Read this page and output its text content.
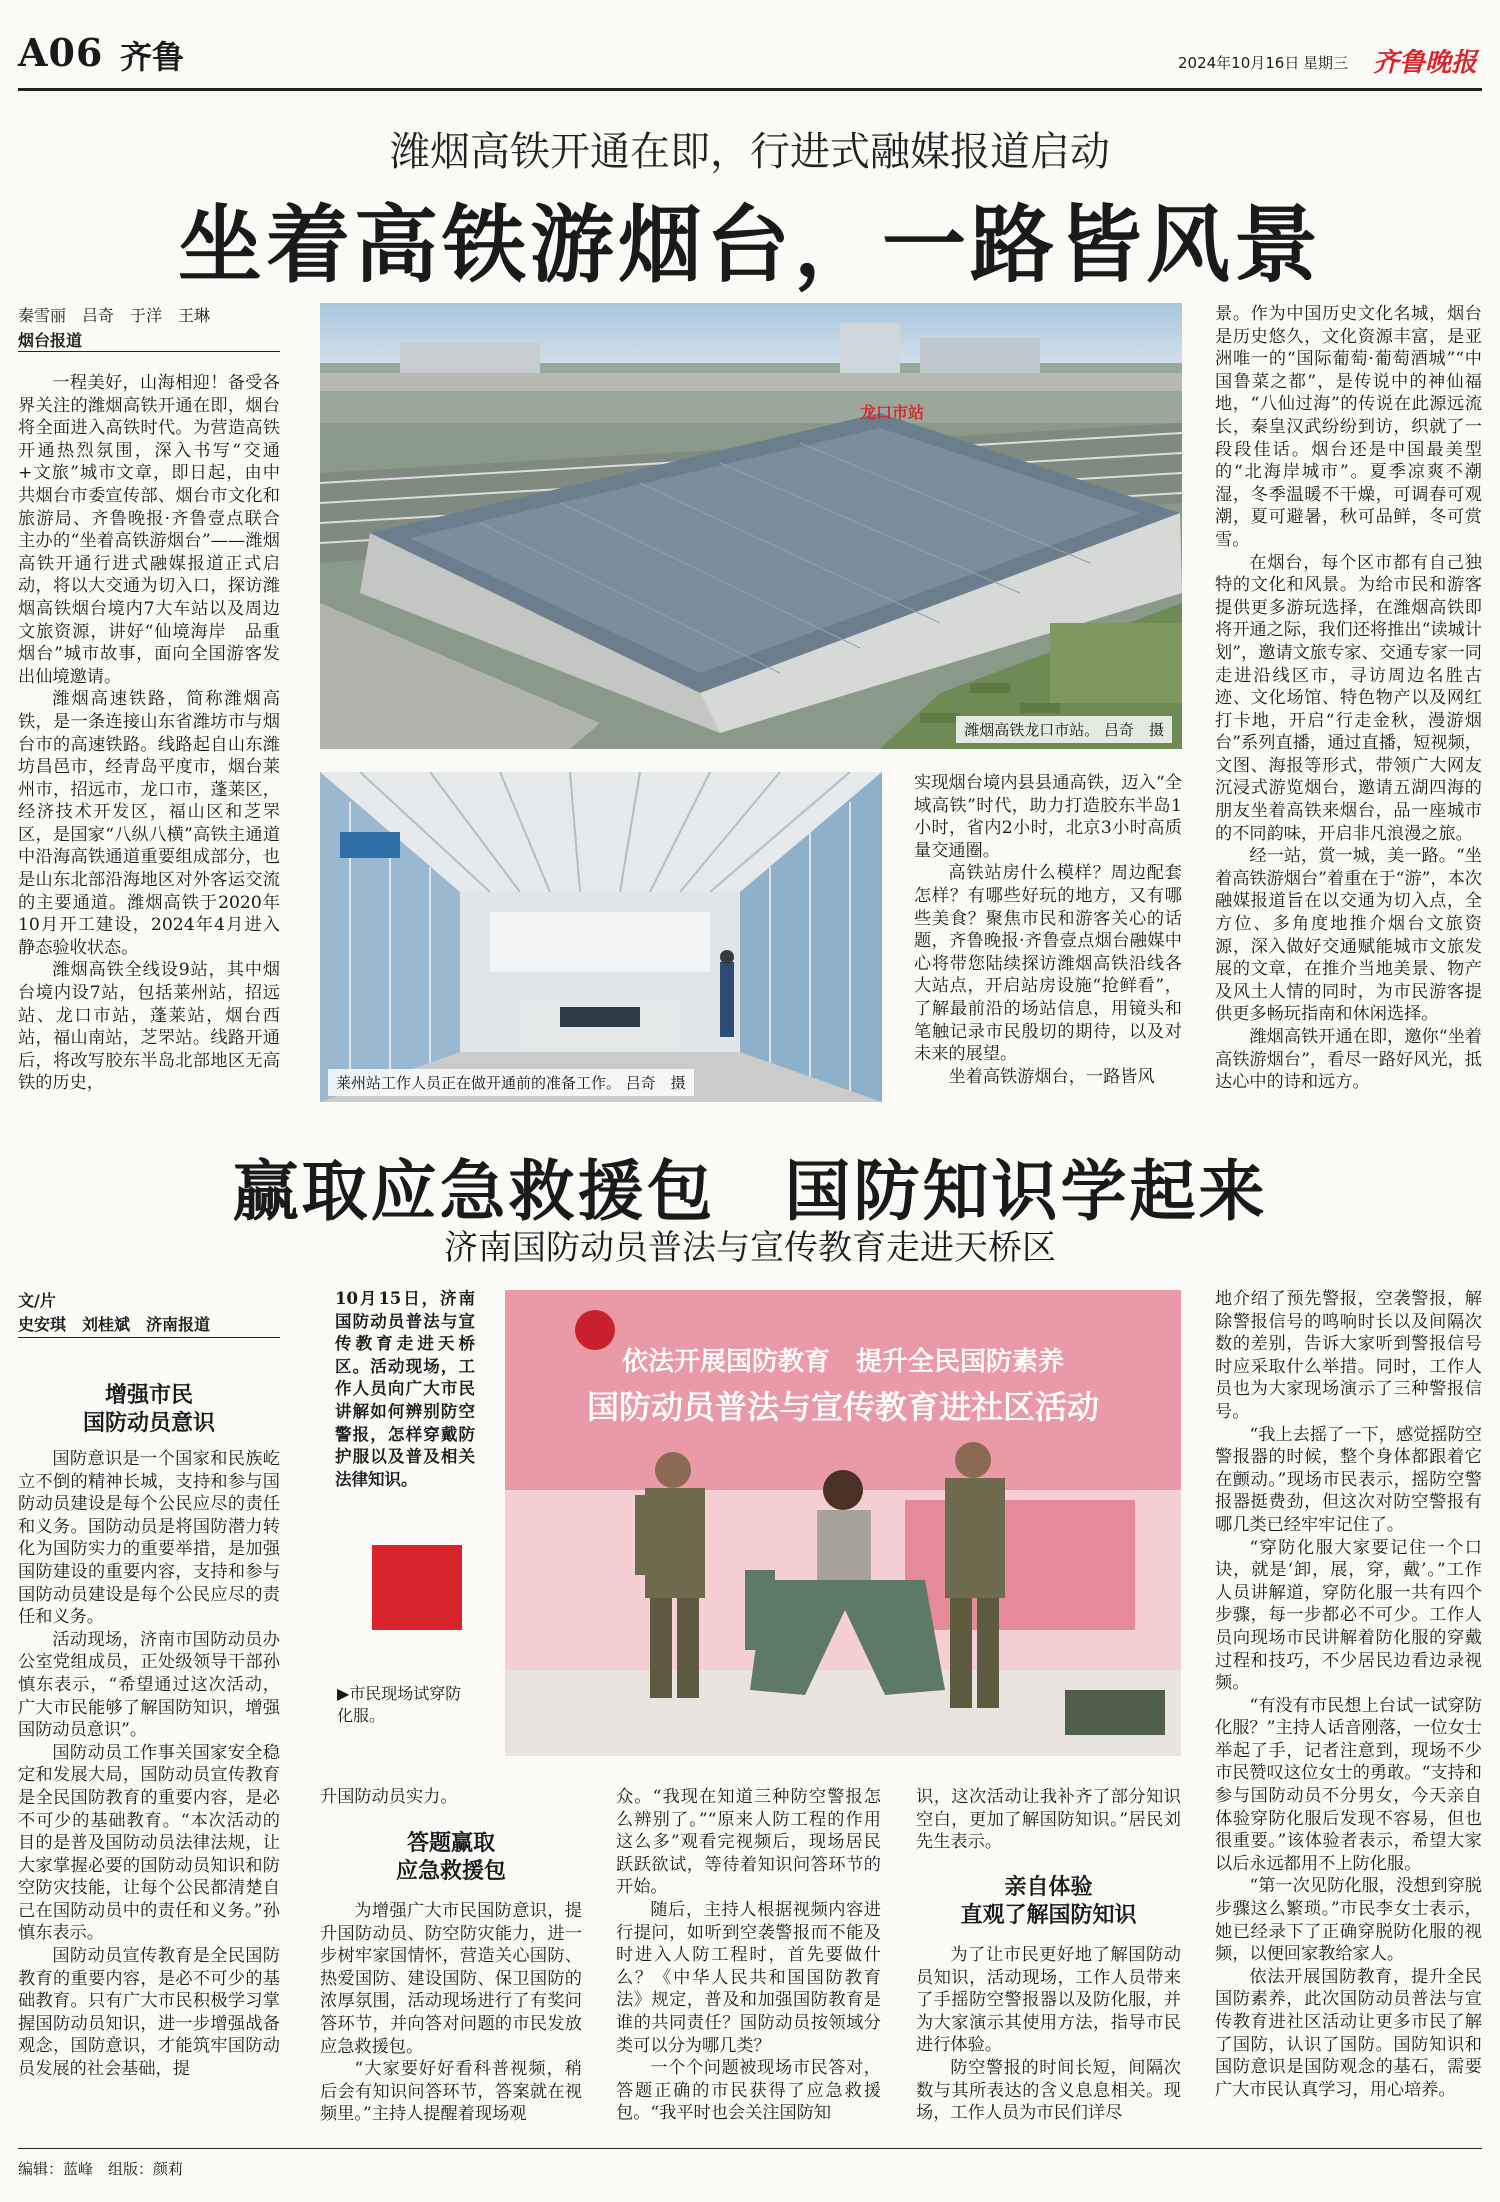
A06 齐鲁	2024年10月16日 星期三 齐鲁晚报
潍烟高铁开通在即，行进式融媒报道启动
坐着高铁游烟台，一路皆风景
秦雪丽　吕奇　于洋　王琳
烟台报道

一程美好，山海相迎！备受各界关注的潍烟高铁开通在即，烟台将全面进入高铁时代。为营造高铁开通热烈氛围，深入书写“交通+文旅”城市文章，即日起，由中共烟台市委宣传部、烟台市文化和旅游局、齐鲁晚报·齐鲁壹点联合主办的“坐着高铁游烟台”——潍烟高铁开通行进式融媒报道正式启动，将以大交通为切入口，探访潍烟高铁烟台境内7大车站以及周边文旅资源，讲好“仙境海岸　品重烟台”城市故事，面向全国游客发出仙境邀请。

潍烟高速铁路，简称潍烟高铁，是一条连接山东省潍坊市与烟台市的高速铁路。线路起自山东潍坊昌邑市，经青岛平度市，烟台莱州市，招远市，龙口市，蓬莱区，经济技术开发区，福山区和芝罘区，是国家“八纵八横”高铁主通道中沿海高铁通道重要组成部分，也是山东北部沿海地区对外客运交流的主要通道。潍烟高铁于2020年10月开工建设，2024年4月进入静态验收状态。

潍烟高铁全线设9站，其中烟台境内设7站，包括莱州站，招远站、龙口市站，蓬莱站，烟台西站，福山南站，芝罘站。线路开通后，将改写胶东半岛北部地区无高铁的历史，

龙口市站
潍烟高铁龙口市站。 吕奇　摄
莱州站工作人员正在做开通前的准备工作。 吕奇　摄

实现烟台境内县县通高铁，迈入“全域高铁”时代，助力打造胶东半岛1小时，省内2小时，北京3小时高质量交通圈。

高铁站房什么模样？周边配套怎样？有哪些好玩的地方，又有哪些美食？聚焦市民和游客关心的话题，齐鲁晚报·齐鲁壹点烟台融媒中心将带您陆续探访潍烟高铁沿线各大站点，开启站房设施“抢鲜看”，了解最前沿的场站信息，用镜头和笔触记录市民殷切的期待，以及对未来的展望。

坐着高铁游烟台，一路皆风

景。作为中国历史文化名城，烟台是历史悠久，文化资源丰富，是亚洲唯一的“国际葡萄·葡萄酒城”“中国鲁菜之都”，是传说中的神仙福地，“八仙过海”的传说在此源远流长，秦皇汉武纷纷到访，织就了一段段佳话。烟台还是中国最美型的“北海岸城市”。夏季凉爽不潮湿，冬季温暖不干燥，可调春可观潮，夏可避暑，秋可品鲜，冬可赏雪。

在烟台，每个区市都有自己独特的文化和风景。为给市民和游客提供更多游玩选择，在潍烟高铁即将开通之际，我们还将推出“读城计划”，邀请文旅专家、交通专家一同走进沿线区市，寻访周边名胜古迹、文化场馆、特色物产以及网红打卡地，开启“行走金秋，漫游烟台”系列直播，通过直播，短视频，文图、海报等形式，带领广大网友沉浸式游览烟台，邀请五湖四海的朋友坐着高铁来烟台，品一座城市的不同韵味，开启非凡浪漫之旅。

经一站，赏一城，美一路。“坐着高铁游烟台”着重在于“游”，本次融媒报道旨在以交通为切入点，全方位、多角度地推介烟台文旅资源，深入做好交通赋能城市文旅发展的文章，在推介当地美景、物产及风土人情的同时，为市民游客提供更多畅玩指南和休闲选择。

潍烟高铁开通在即，邀你“坐着高铁游烟台”，看尽一路好风光，抵达心中的诗和远方。

赢取应急救援包　国防知识学起来
济南国防动员普法与宣传教育走进天桥区
文/片
史安琪　刘桂斌　济南报道
增强市民
国防动员意识

国防意识是一个国家和民族屹立不倒的精神长城，支持和参与国防动员建设是每个公民应尽的责任和义务。国防动员是将国防潜力转化为国防实力的重要举措，是加强国防建设的重要内容，支持和参与国防动员建设是每个公民应尽的责任和义务。

活动现场，济南市国防动员办公室党组成员，正处级领导干部孙慎东表示，“希望通过这次活动，广大市民能够了解国防知识，增强国防动员意识”。

国防动员工作事关国家安全稳定和发展大局，国防动员宣传教育是全民国防教育的重要内容，是必不可少的基础教育。“本次活动的目的是普及国防动员法律法规，让大家掌握必要的国防动员知识和防空防灾技能，让每个公民都清楚自己在国防动员中的责任和义务。”孙慎东表示。

国防动员宣传教育是全民国防教育的重要内容，是必不可少的基础教育。只有广大市民积极学习掌握国防动员知识，进一步增强战备观念，国防意识，才能筑牢国防动员发展的社会基础，提

10月15日，济南国防动员普法与宣传教育走进天桥区。活动现场，工作人员向广大市民讲解如何辨别防空警报，怎样穿戴防护服以及普及相关法律知识。
▶市民现场试穿防化服。
依法开展国防教育　提升全民国防素养
国防动员普法与宣传教育进社区活动

升国防动员实力。

答题赢取
应急救援包

为增强广大市民国防意识，提升国防动员、防空防灾能力，进一步树牢家国情怀，营造关心国防、热爱国防、建设国防、保卫国防的浓厚氛围，活动现场进行了有奖问答环节，并向答对问题的市民发放应急救援包。

“大家要好好看科普视频，稍后会有知识问答环节，答案就在视频里。”主持人提醒着现场观

众。“我现在知道三种防空警报怎么辨别了。”“原来人防工程的作用这么多”观看完视频后，现场居民跃跃欲试，等待着知识问答环节的开始。

随后，主持人根据视频内容进行提问，如听到空袭警报而不能及时进入人防工程时，首先要做什么？《中华人民共和国国防教育法》规定，普及和加强国防教育是谁的共同责任？国防动员按领域分类可以分为哪几类？

一个个问题被现场市民答对，答题正确的市民获得了应急救援包。“我平时也会关注国防知

识，这次活动让我补齐了部分知识空白，更加了解国防知识。”居民刘先生表示。

亲自体验
直观了解国防知识

为了让市民更好地了解国防动员知识，活动现场，工作人员带来了手摇防空警报器以及防化服，并为大家演示其使用方法，指导市民进行体验。

防空警报的时间长短，间隔次数与其所表达的含义息息相关。现场，工作人员为市民们详尽

地介绍了预先警报，空袭警报，解除警报信号的鸣响时长以及间隔次数的差别，告诉大家听到警报信号时应采取什么举措。同时，工作人员也为大家现场演示了三种警报信号。

“我上去摇了一下，感觉摇防空警报器的时候，整个身体都跟着它在颤动。”现场市民表示，摇防空警报器挺费劲，但这次对防空警报有哪几类已经牢牢记住了。

“穿防化服大家要记住一个口诀，就是‘卸，展，穿，戴’。”工作人员讲解道，穿防化服一共有四个步骤，每一步都必不可少。工作人员向现场市民讲解着防化服的穿戴过程和技巧，不少居民边看边录视频。

“有没有市民想上台试一试穿防化服？”主持人话音刚落，一位女士举起了手，记者注意到，现场不少市民赞叹这位女士的勇敢。“支持和参与国防动员不分男女，今天亲自体验穿防化服后发现不容易，但也很重要。”该体验者表示，希望大家以后永远都用不上防化服。

“第一次见防化服，没想到穿脱步骤这么繁琐。”市民李女士表示，她已经录下了正确穿脱防化服的视频，以便回家教给家人。

依法开展国防教育，提升全民国防素养，此次国防动员普法与宣传教育进社区活动让更多市民了解了国防，认识了国防。国防知识和国防意识是国防观念的基石，需要广大市民认真学习，用心培养。

编辑：蓝峰　组版：颜莉
